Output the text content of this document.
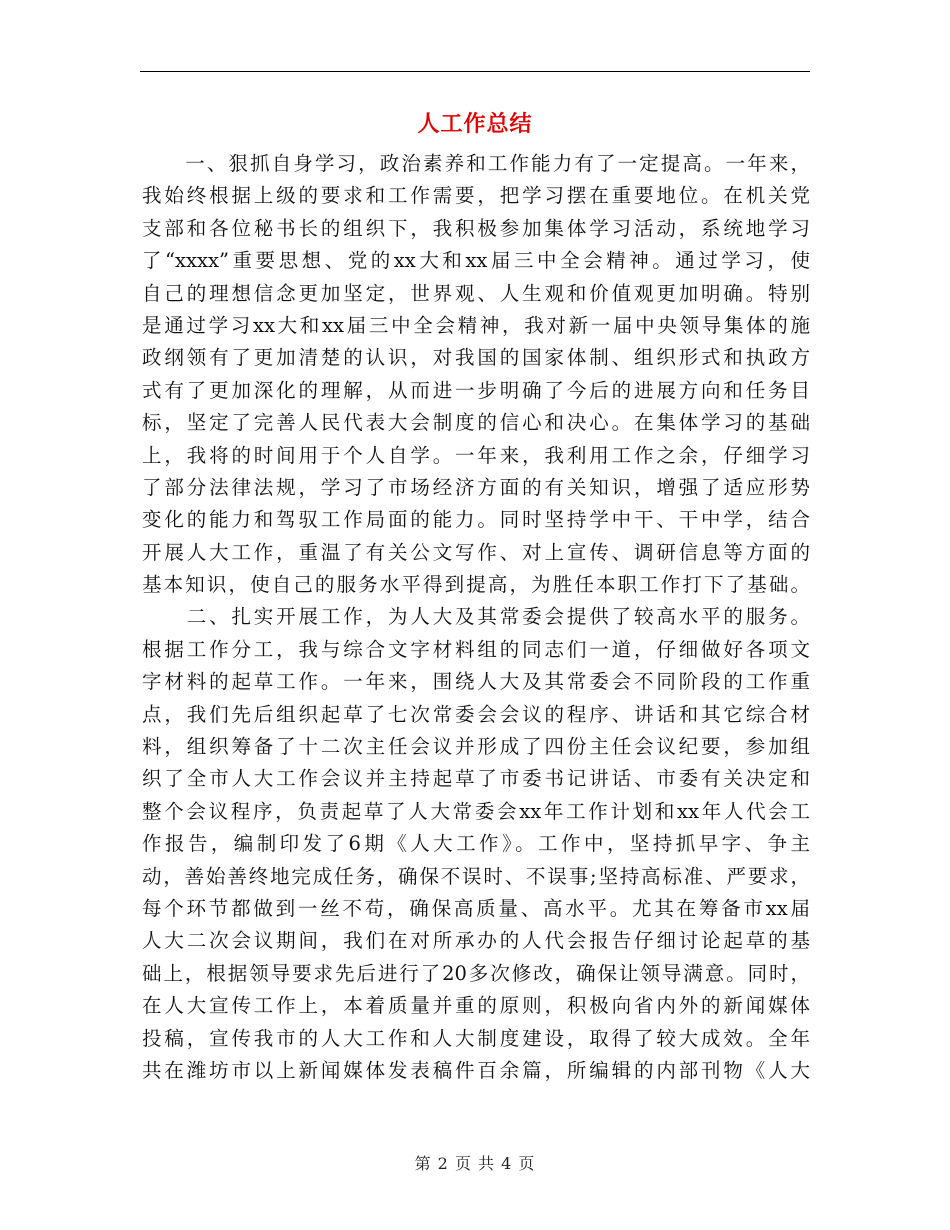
人工作总结
　　一、狠抓自身学习，政治素养和工作能力有了一定提高。一年来，
我始终根据上级的要求和工作需要，把学习摆在重要地位。在机关党
支部和各位秘书长的组织下，我积极参加集体学习活动，系统地学习
了“xxxx”重要思想、党的xx大和xx届三中全会精神。通过学习，使
自己的理想信念更加坚定，世界观、人生观和价值观更加明确。特别
是通过学习xx大和xx届三中全会精神，我对新一届中央领导集体的施
政纲领有了更加清楚的认识，对我国的国家体制、组织形式和执政方
式有了更加深化的理解，从而进一步明确了今后的进展方向和任务目
标，坚定了完善人民代表大会制度的信心和决心。在集体学习的基础
上，我将的时间用于个人自学。一年来，我利用工作之余，仔细学习
了部分法律法规，学习了市场经济方面的有关知识，增强了适应形势
变化的能力和驾驭工作局面的能力。同时坚持学中干、干中学，结合
开展人大工作，重温了有关公文写作、对上宣传、调研信息等方面的
基本知识，使自己的服务水平得到提高，为胜任本职工作打下了基础。
　　二、扎实开展工作，为人大及其常委会提供了较高水平的服务。
根据工作分工，我与综合文字材料组的同志们一道，仔细做好各项文
字材料的起草工作。一年来，围绕人大及其常委会不同阶段的工作重
点，我们先后组织起草了七次常委会会议的程序、讲话和其它综合材
料，组织筹备了十二次主任会议并形成了四份主任会议纪要，参加组
织了全市人大工作会议并主持起草了市委书记讲话、市委有关决定和
整个会议程序，负责起草了人大常委会xx年工作计划和xx年人代会工
作报告，编制印发了6期《人大工作》。工作中，坚持抓早字、争主
动，善始善终地完成任务，确保不误时、不误事;坚持高标准、严要求，
每个环节都做到一丝不苟，确保高质量、高水平。尤其在筹备市xx届
人大二次会议期间，我们在对所承办的人代会报告仔细讨论起草的基
础上，根据领导要求先后进行了20多次修改，确保让领导满意。同时，
在人大宣传工作上，本着质量并重的原则，积极向省内外的新闻媒体
投稿，宣传我市的人大工作和人大制度建设，取得了较大成效。全年
共在潍坊市以上新闻媒体发表稿件百余篇，所编辑的内部刊物《人大
第 2 页 共 4 页
